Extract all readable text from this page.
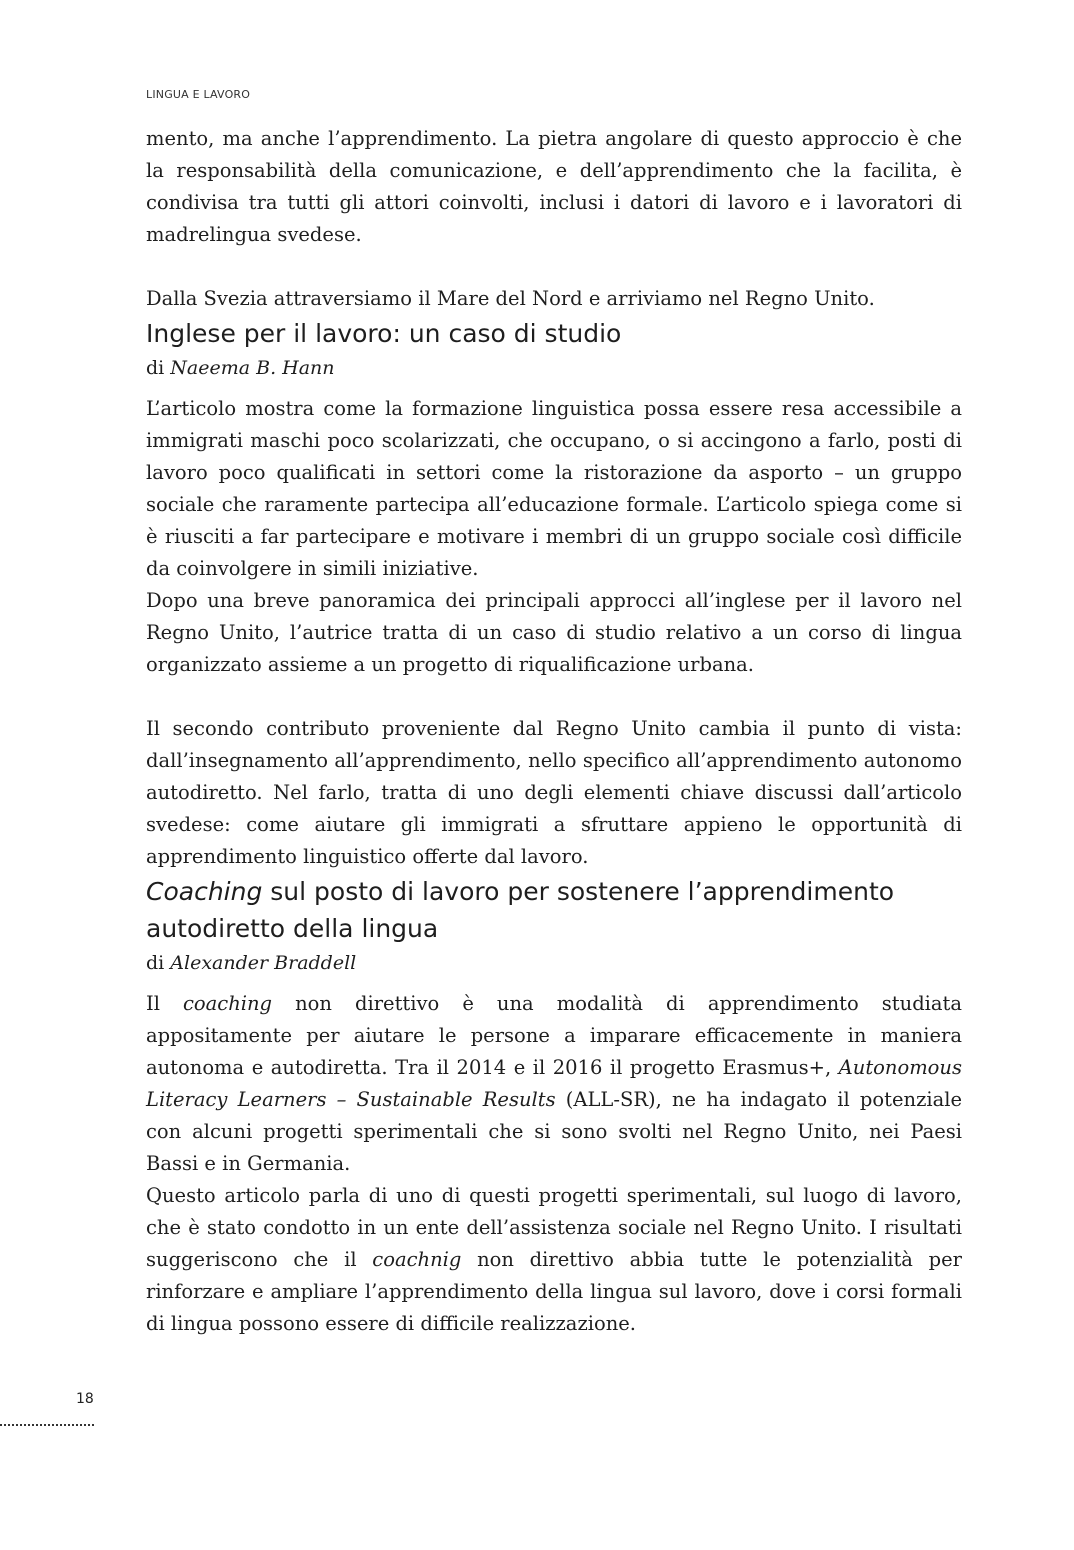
LINGUA E LAVORO

mento, ma anche l’apprendimento. La pietra angolare di questo approccio è che la responsabilità della comunicazione, e dell’apprendimento che la facilita, è condivisa tra tutti gli attori coinvolti, inclusi i datori di lavoro e i lavoratori di madrelingua svedese.

Dalla Svezia attraversiamo il Mare del Nord e arriviamo nel Regno Unito.

Inglese per il lavoro: un caso di studio
di Naeema B. Hann

L’articolo mostra come la formazione linguistica possa essere resa accessibile a immigrati maschi poco scolarizzati, che occupano, o si accingono a farlo, posti di lavoro poco qualificati in settori come la ristorazione da asporto – un gruppo sociale che raramente partecipa all’educazione formale. L’articolo spiega come si è riusciti a far partecipare e motivare i membri di un gruppo sociale così difficile da coinvolgere in simili iniziative.

Dopo una breve panoramica dei principali approcci all’inglese per il lavoro nel Regno Unito, l’autrice tratta di un caso di studio relativo a un corso di lingua organizzato assieme a un progetto di riqualificazione urbana.

Il secondo contributo proveniente dal Regno Unito cambia il punto di vista: dall’insegnamento all’apprendimento, nello specifico all’apprendimento autonomo autodiretto. Nel farlo, tratta di uno degli elementi chiave discussi dall’articolo svedese: come aiutare gli immigrati a sfruttare appieno le opportunità di apprendimento linguistico offerte dal lavoro.

Coaching sul posto di lavoro per sostenere l’apprendimento autodiretto della lingua
di Alexander Braddell

Il coaching non direttivo è una modalità di apprendimento studiata appositamente per aiutare le persone a imparare efficacemente in maniera autonoma e autodiretta. Tra il 2014 e il 2016 il progetto Erasmus+, Autonomous Literacy Learners – Sustainable Results (ALL-SR), ne ha indagato il potenziale con alcuni progetti sperimentali che si sono svolti nel Regno Unito, nei Paesi Bassi e in Germania.

Questo articolo parla di uno di questi progetti sperimentali, sul luogo di lavoro, che è stato condotto in un ente dell’assistenza sociale nel Regno Unito. I risultati suggeriscono che il coachnig non direttivo abbia tutte le potenzialità per rinforzare e ampliare l’apprendimento della lingua sul lavoro, dove i corsi formali di lingua possono essere di difficile realizzazione.

18
